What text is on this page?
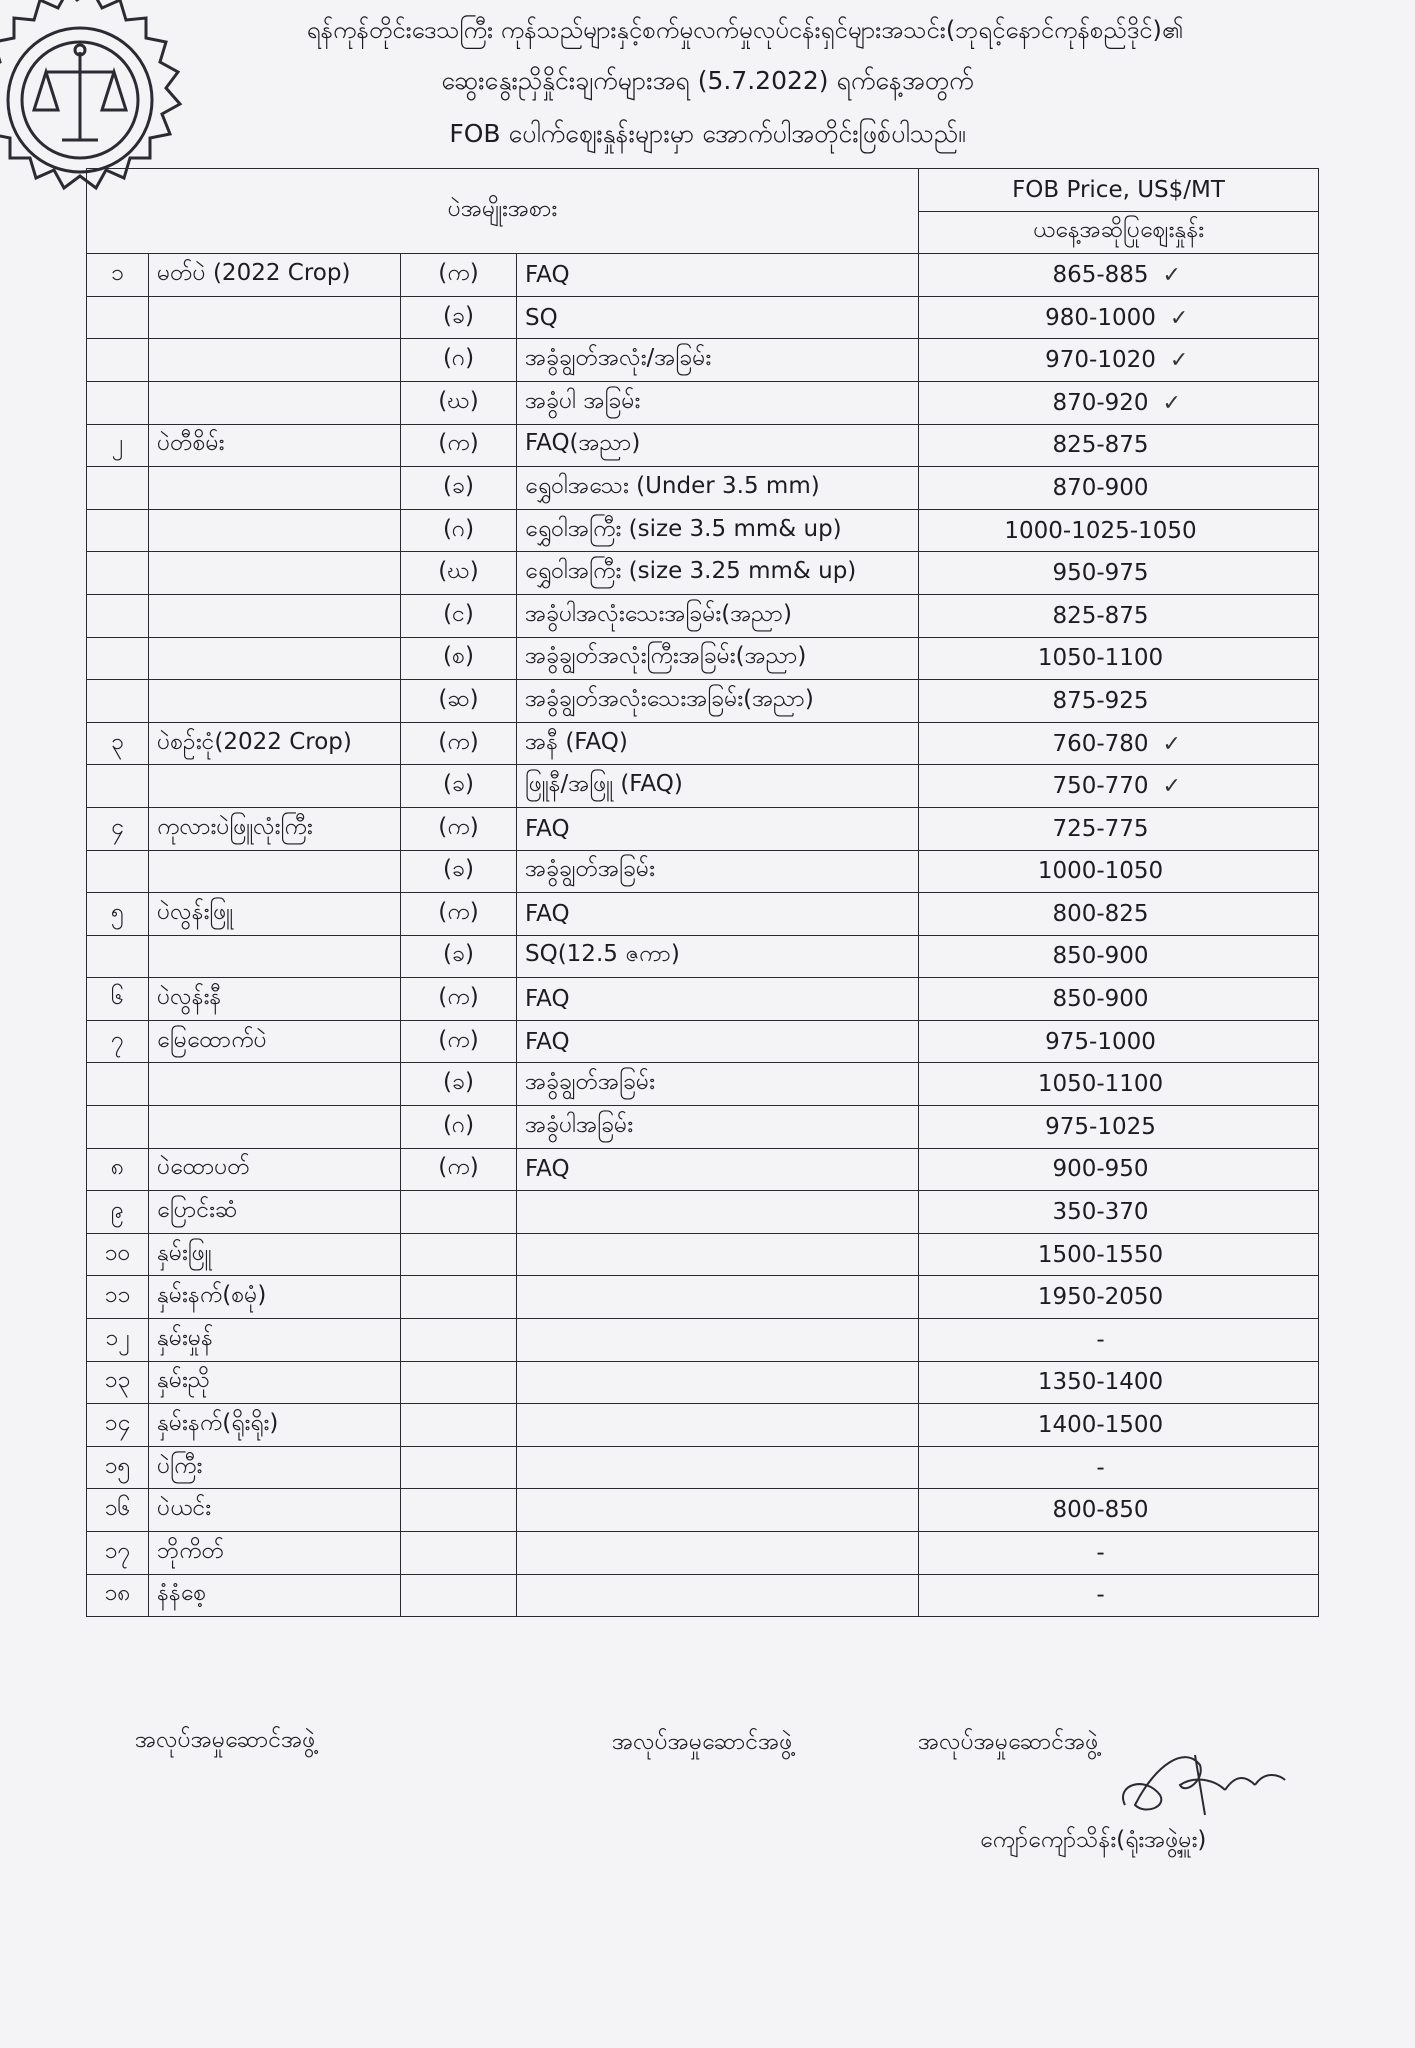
ရန်ကုန်တိုင်းဒေသကြီး ကုန်သည်များနှင့်စက်မှုလက်မှုလုပ်ငန်းရှင်များအသင်း(ဘုရင့်နောင်ကုန်စည်ဒိုင်)၏
ဆွေးနွေးညှိနှိုင်းချက်များအရ (5.7.2022) ရက်နေ့အတွက်
FOB ပေါက်ဈေးနှုန်းများမှာ အောက်ပါအတိုင်းဖြစ်ပါသည်။
ပဲအမျိုးအစား				FOB Price, US$/MT
				ယနေ့အဆိုပြုဈေးနှုန်း
၁	မတ်ပဲ (2022 Crop)	(က)	FAQ	865-885 ✓
		(ခ)	SQ	980-1000 ✓
		(ဂ)	အခွံချွတ်အလုံး/အခြမ်း	970-1020 ✓
		(ဃ)	အခွံပါ အခြမ်း	870-920 ✓
၂	ပဲတီစိမ်း	(က)	FAQ(အညာ)	825-875
		(ခ)	ရွှေဝါအသေး (Under 3.5 mm)	870-900
		(ဂ)	ရွှေဝါအကြီး (size 3.5 mm& up)	1000-1025-1050
		(ဃ)	ရွှေဝါအကြီး (size 3.25 mm& up)	950-975
		(င)	အခွံပါအလုံးသေးအခြမ်း(အညာ)	825-875
		(စ)	အခွံချွတ်အလုံးကြီးအခြမ်း(အညာ)	1050-1100
		(ဆ)	အခွံချွတ်အလုံးသေးအခြမ်း(အညာ)	875-925
၃	ပဲစဉ်းငုံ(2022 Crop)	(က)	အနီ (FAQ)	760-780 ✓
		(ခ)	ဖြူနီ/အဖြူ (FAQ)	750-770 ✓
၄	ကုလားပဲဖြူလုံးကြီး	(က)	FAQ	725-775
		(ခ)	အခွံချွတ်အခြမ်း	1000-1050
၅	ပဲလွန်းဖြူ	(က)	FAQ	800-825
		(ခ)	SQ(12.5 ဇကာ)	850-900
၆	ပဲလွန်းနီ	(က)	FAQ	850-900
၇	မြေထောက်ပဲ	(က)	FAQ	975-1000
		(ခ)	အခွံချွတ်အခြမ်း	1050-1100
		(ဂ)	အခွံပါအခြမ်း	975-1025
၈	ပဲထောပတ်	(က)	FAQ	900-950
၉	ပြောင်းဆံ			350-370
၁၀	နှမ်းဖြူ			1500-1550
၁၁	နှမ်းနက်(စမုံ)			1950-2050
၁၂	နှမ်းမှုန်			-
၁၃	နှမ်းညို			1350-1400
၁၄	နှမ်းနက်(ရိုးရိုး)			1400-1500
၁၅	ပဲကြီး			-
၁၆	ပဲယင်း			800-850
၁၇	ဘိုကိတ်			-
၁၈	နံနံစေ့			-
အလုပ်အမှုဆောင်အဖွဲ့	အလုပ်အမှုဆောင်အဖွဲ့	အလုပ်အမှုဆောင်အဖွဲ့
ကျော်ကျော်သိန်း(ရုံးအဖွဲ့မှူး)
